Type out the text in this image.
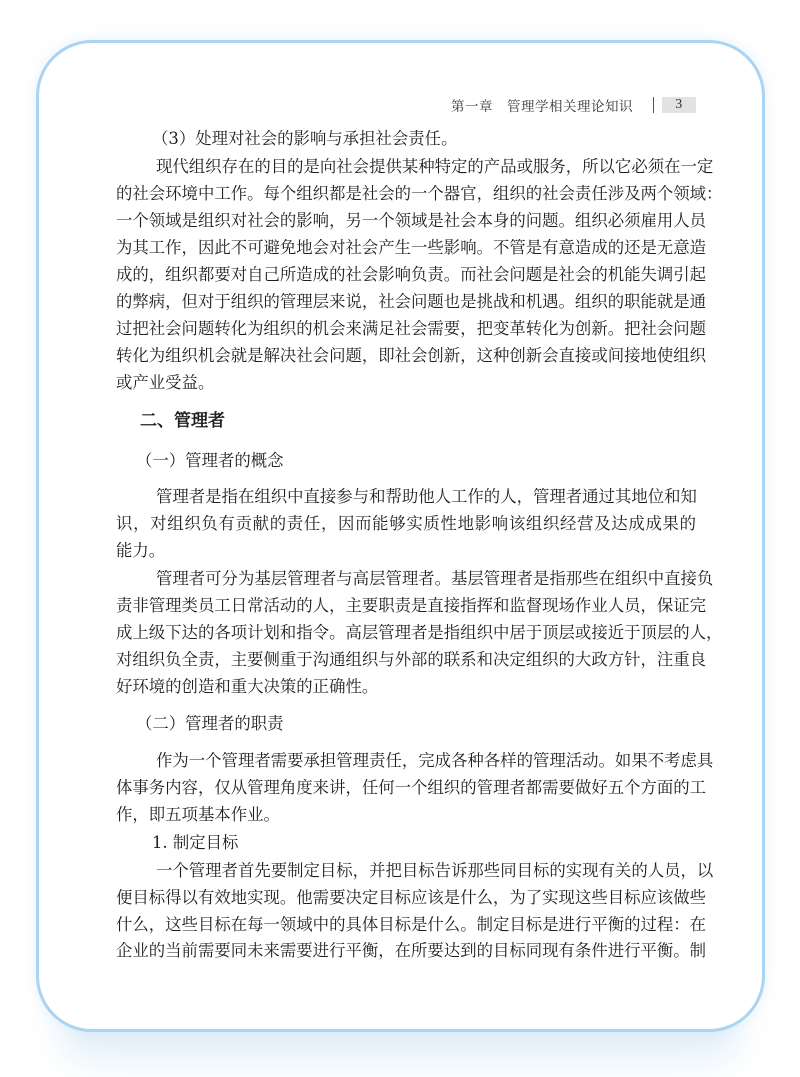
第一章　管理学相关理论知识	3
（3）处理对社会的影响与承担社会责任。
现代组织存在的目的是向社会提供某种特定的产品或服务，所以它必须在一定
的社会环境中工作。每个组织都是社会的一个器官，组织的社会责任涉及两个领域：
一个领域是组织对社会的影响，另一个领域是社会本身的问题。组织必须雇用人员
为其工作，因此不可避免地会对社会产生一些影响。不管是有意造成的还是无意造
成的，组织都要对自己所造成的社会影响负责。而社会问题是社会的机能失调引起
的弊病，但对于组织的管理层来说，社会问题也是挑战和机遇。组织的职能就是通
过把社会问题转化为组织的机会来满足社会需要，把变革转化为创新。把社会问题
转化为组织机会就是解决社会问题，即社会创新，这种创新会直接或间接地使组织
或产业受益。
二、管理者
（一）管理者的概念
管理者是指在组织中直接参与和帮助他人工作的人，管理者通过其地位和知
识，对组织负有贡献的责任，因而能够实质性地影响该组织经营及达成成果的
能力。
管理者可分为基层管理者与高层管理者。基层管理者是指那些在组织中直接负
责非管理类员工日常活动的人，主要职责是直接指挥和监督现场作业人员，保证完
成上级下达的各项计划和指令。高层管理者是指组织中居于顶层或接近于顶层的人，
对组织负全责，主要侧重于沟通组织与外部的联系和决定组织的大政方针，注重良
好环境的创造和重大决策的正确性。
（二）管理者的职责
作为一个管理者需要承担管理责任，完成各种各样的管理活动。如果不考虑具
体事务内容，仅从管理角度来讲，任何一个组织的管理者都需要做好五个方面的工
作，即五项基本作业。
1. 制定目标
一个管理者首先要制定目标，并把目标告诉那些同目标的实现有关的人员，以
便目标得以有效地实现。他需要决定目标应该是什么，为了实现这些目标应该做些
什么，这些目标在每一领域中的具体目标是什么。制定目标是进行平衡的过程：在
企业的当前需要同未来需要进行平衡，在所要达到的目标同现有条件进行平衡。制
